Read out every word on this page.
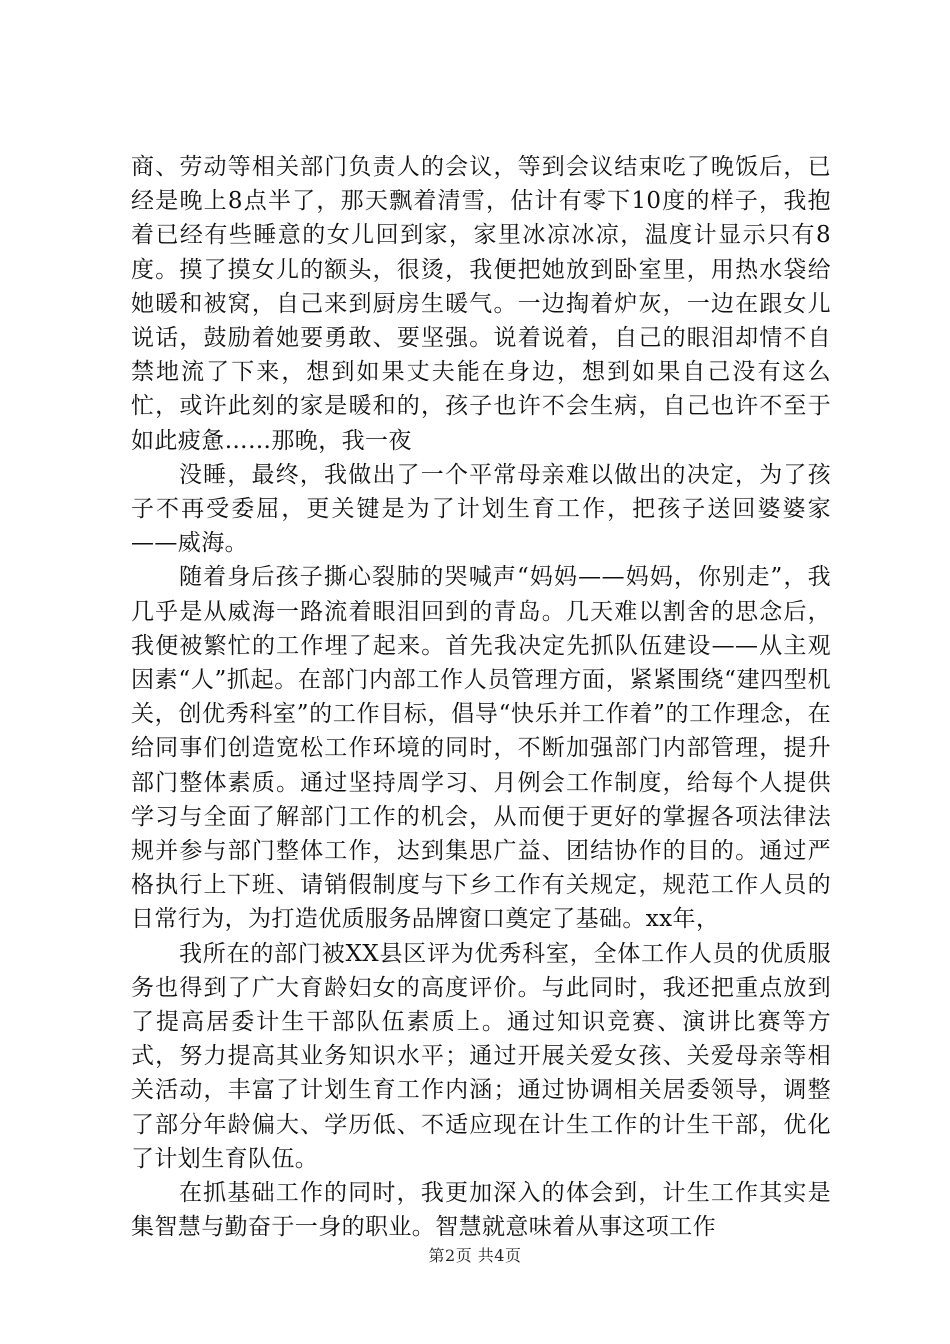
商、劳动等相关部门负责人的会议，等到会议结束吃了晚饭后，已经是晚上8点半了，那天飘着清雪，估计有零下10度的样子，我抱着已经有些睡意的女儿回到家，家里冰凉冰凉，温度计显示只有8度。摸了摸女儿的额头，很烫，我便把她放到卧室里，用热水袋给她暖和被窝，自己来到厨房生暖气。一边掏着炉灰，一边在跟女儿说话，鼓励着她要勇敢、要坚强。说着说着，自己的眼泪却情不自禁地流了下来，想到如果丈夫能在身边，想到如果自己没有这么忙，或许此刻的家是暖和的，孩子也许不会生病，自己也许不至于如此疲惫……那晚，我一夜

没睡，最终，我做出了一个平常母亲难以做出的决定，为了孩子不再受委屈，更关键是为了计划生育工作，把孩子送回婆婆家——威海。

随着身后孩子撕心裂肺的哭喊声“妈妈——妈妈，你别走”，我几乎是从威海一路流着眼泪回到的青岛。几天难以割舍的思念后，我便被繁忙的工作埋了起来。首先我决定先抓队伍建设——从主观因素“人”抓起。在部门内部工作人员管理方面，紧紧围绕“建四型机关，创优秀科室”的工作目标，倡导“快乐并工作着”的工作理念，在给同事们创造宽松工作环境的同时，不断加强部门内部管理，提升部门整体素质。通过坚持周学习、月例会工作制度，给每个人提供学习与全面了解部门工作的机会，从而便于更好的掌握各项法律法规并参与部门整体工作，达到集思广益、团结协作的目的。通过严格执行上下班、请销假制度与下乡工作有关规定，规范工作人员的日常行为，为打造优质服务品牌窗口奠定了基础。xx年，

我所在的部门被XX县区评为优秀科室，全体工作人员的优质服务也得到了广大育龄妇女的高度评价。与此同时，我还把重点放到了提高居委计生干部队伍素质上。通过知识竞赛、演讲比赛等方式，努力提高其业务知识水平；通过开展关爱女孩、关爱母亲等相关活动，丰富了计划生育工作内涵；通过协调相关居委领导，调整了部分年龄偏大、学历低、不适应现在计生工作的计生干部，优化了计划生育队伍。

在抓基础工作的同时，我更加深入的体会到，计生工作其实是集智慧与勤奋于一身的职业。智慧就意味着从事这项工作

第2页 共4页
